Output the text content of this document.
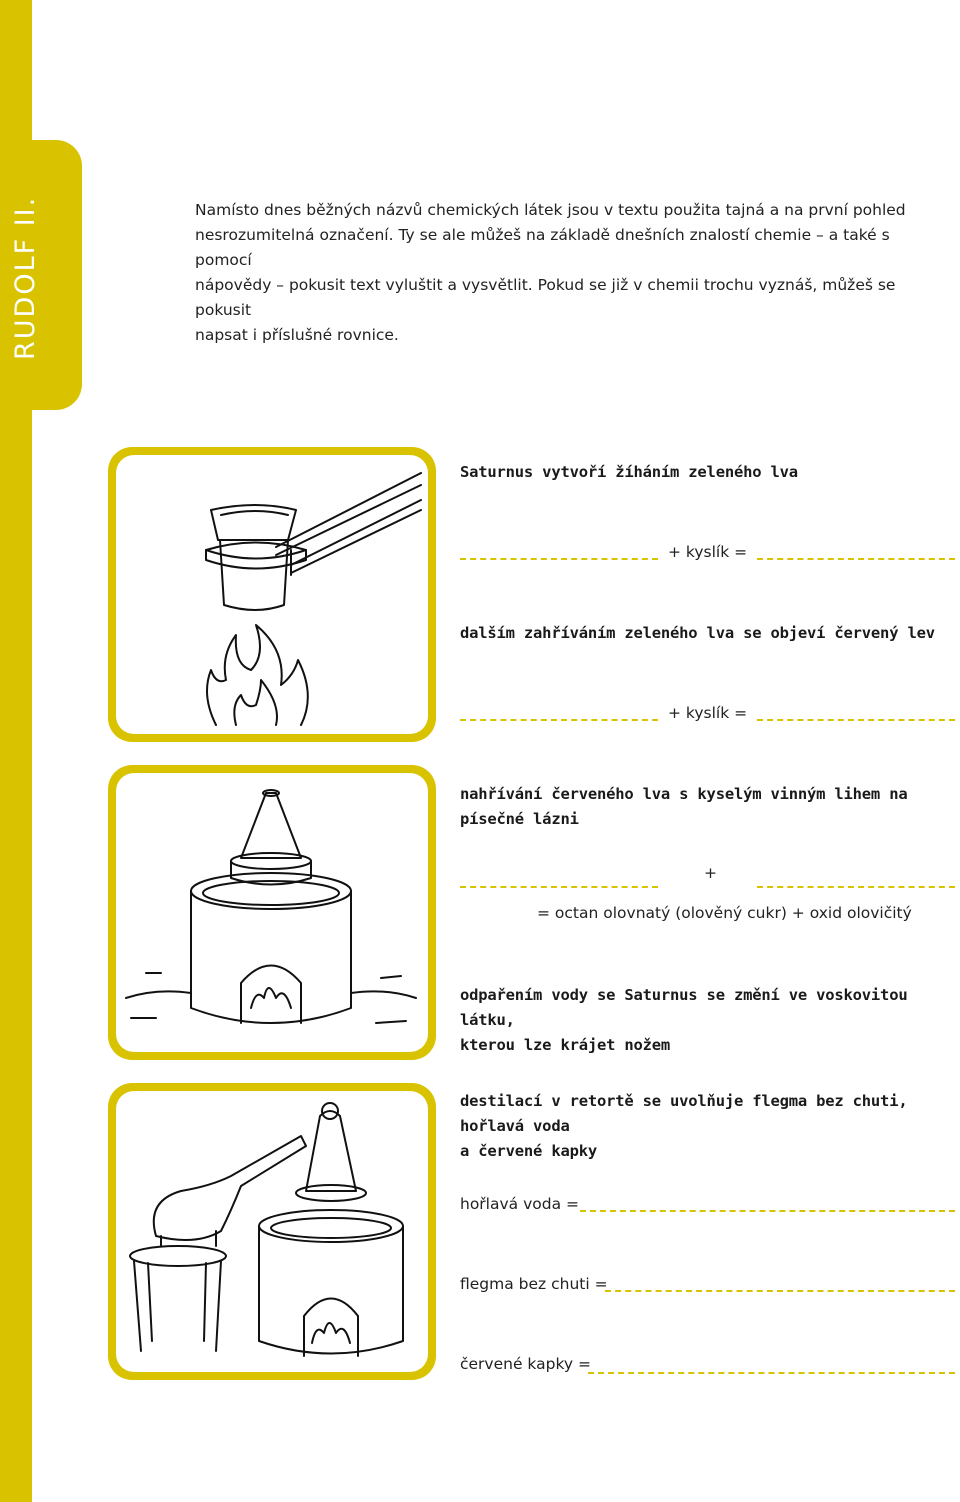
RUDOLF II.	Namísto dnes běžných názvů chemických látek jsou v textu použita tajná a na první pohled
nesrozumitelná označení. Ty se ale můžeš na základě dnešních znalostí chemie – a také s pomocí
nápovědy – pokusit text vyluštit a vysvětlit. Pokud se již v chemii trochu vyznáš, můžeš se pokusit
napsat i příslušné rovnice.
Saturnus vytvoří žíháním zeleného lva
+ kyslík =
dalším zahříváním zeleného lva se objeví červený lev
+ kyslík =
nahřívání červeného lva s kyselým vinným lihem na písečné lázni
+
= octan olovnatý (olověný cukr) + oxid olovičitý
odpařením vody se Saturnus se změní ve voskovitou látku,
kterou lze krájet nožem
destilací v retortě se uvolňuje flegma bez chuti, hořlavá voda
a červené kapky
hořlavá voda =
flegma bez chuti =
červené kapky =
